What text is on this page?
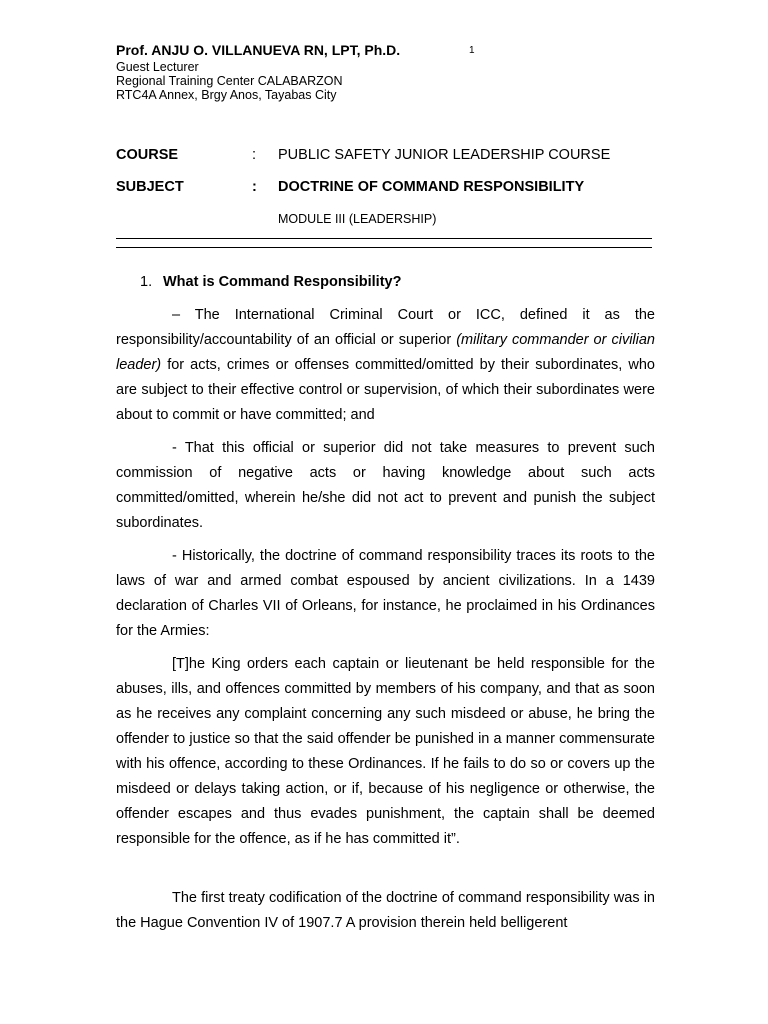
Prof. ANJU O. VILLANUEVA RN, LPT, Ph.D.	1
Guest Lecturer
Regional Training Center CALABARZON
RTC4A Annex, Brgy Anos, Tayabas City
COURSE	: PUBLIC SAFETY JUNIOR LEADERSHIP COURSE
SUBJECT	: DOCTRINE OF COMMAND RESPONSIBILITY
MODULE III (LEADERSHIP)
1. What is Command Responsibility?

– The International Criminal Court or ICC, defined it as the responsibility/accountability of an official or superior (military commander or civilian leader) for acts, crimes or offenses committed/omitted by their subordinates, who are subject to their effective control or supervision, of which their subordinates were about to commit or have committed; and

- That this official or superior did not take measures to prevent such commission of negative acts or having knowledge about such acts committed/omitted, wherein he/she did not act to prevent and punish the subject subordinates.

- Historically, the doctrine of command responsibility traces its roots to the laws of war and armed combat espoused by ancient civilizations. In a 1439 declaration of Charles VII of Orleans, for instance, he proclaimed in his Ordinances for the Armies:

[T]he King orders each captain or lieutenant be held responsible for the abuses, ills, and offences committed by members of his company, and that as soon as he receives any complaint concerning any such misdeed or abuse, he bring the offender to justice so that the said offender be punished in a manner commensurate with his offence, according to these Ordinances. If he fails to do so or covers up the misdeed or delays taking action, or if, because of his negligence or otherwise, the offender escapes and thus evades punishment, the captain shall be deemed responsible for the offence, as if he has committed it”.

The first treaty codification of the doctrine of command responsibility was in the Hague Convention IV of 1907.7 A provision therein held belligerent
